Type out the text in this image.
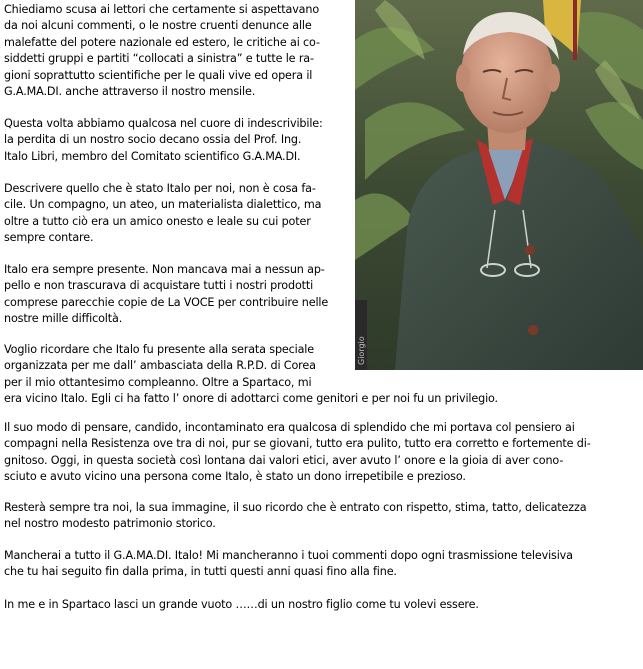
Giorgio

Chiediamo scusa ai lettori che certamente si aspettavano
da noi alcuni commenti, o le nostre cruenti denunce alle
malefatte del potere nazionale ed estero, le critiche ai co-
siddetti gruppi e partiti “collocati a sinistra” e tutte le ra-
gioni soprattutto scientifiche per le quali vive ed opera il
G.A.MA.DI. anche attraverso il nostro mensile.

Questa volta abbiamo qualcosa nel cuore di indescrivibile:
la perdita di un nostro socio decano ossia del Prof. Ing.
Italo Libri, membro del Comitato scientifico G.A.MA.DI.

Descrivere quello che è stato Italo per noi, non è cosa fa-
cile. Un compagno, un ateo, un materialista dialettico, ma
oltre a tutto ciò era un amico onesto e leale su cui poter
sempre contare.

Italo era sempre presente. Non mancava mai a nessun ap-
pello e non trascurava di acquistare tutti i nostri prodotti
comprese parecchie copie de La VOCE per contribuire nelle
nostre mille difficoltà.

Voglio ricordare che Italo fu presente alla serata speciale
organizzata per me dall’ ambasciata della R.P.D. di Corea
per il mio ottantesimo compleanno. Oltre a Spartaco, mi
era vicino Italo. Egli ci ha fatto l’ onore di adottarci come genitori e per noi fu un privilegio.

Il suo modo di pensare, candido, incontaminato era qualcosa di splendido che mi portava col pensiero ai
compagni nella Resistenza ove tra di noi, pur se giovani, tutto era pulito, tutto era corretto e fortemente di-
gnitoso. Oggi, in questa società così lontana dai valori etici, aver avuto l’ onore e la gioia di aver cono-
sciuto e avuto vicino una persona come Italo, è stato un dono irrepetibile e prezioso.

Resterà sempre tra noi, la sua immagine, il suo ricordo che è entrato con rispetto, stima, tatto, delicatezza
nel nostro modesto patrimonio storico.

Mancherai a tutto il G.A.MA.DI. Italo! Mi mancheranno i tuoi commenti dopo ogni trasmissione televisiva
che tu hai seguito fin dalla prima, in tutti questi anni quasi fino alla fine.

In me e in Spartaco lasci un grande vuoto ……di un nostro figlio come tu volevi essere.
